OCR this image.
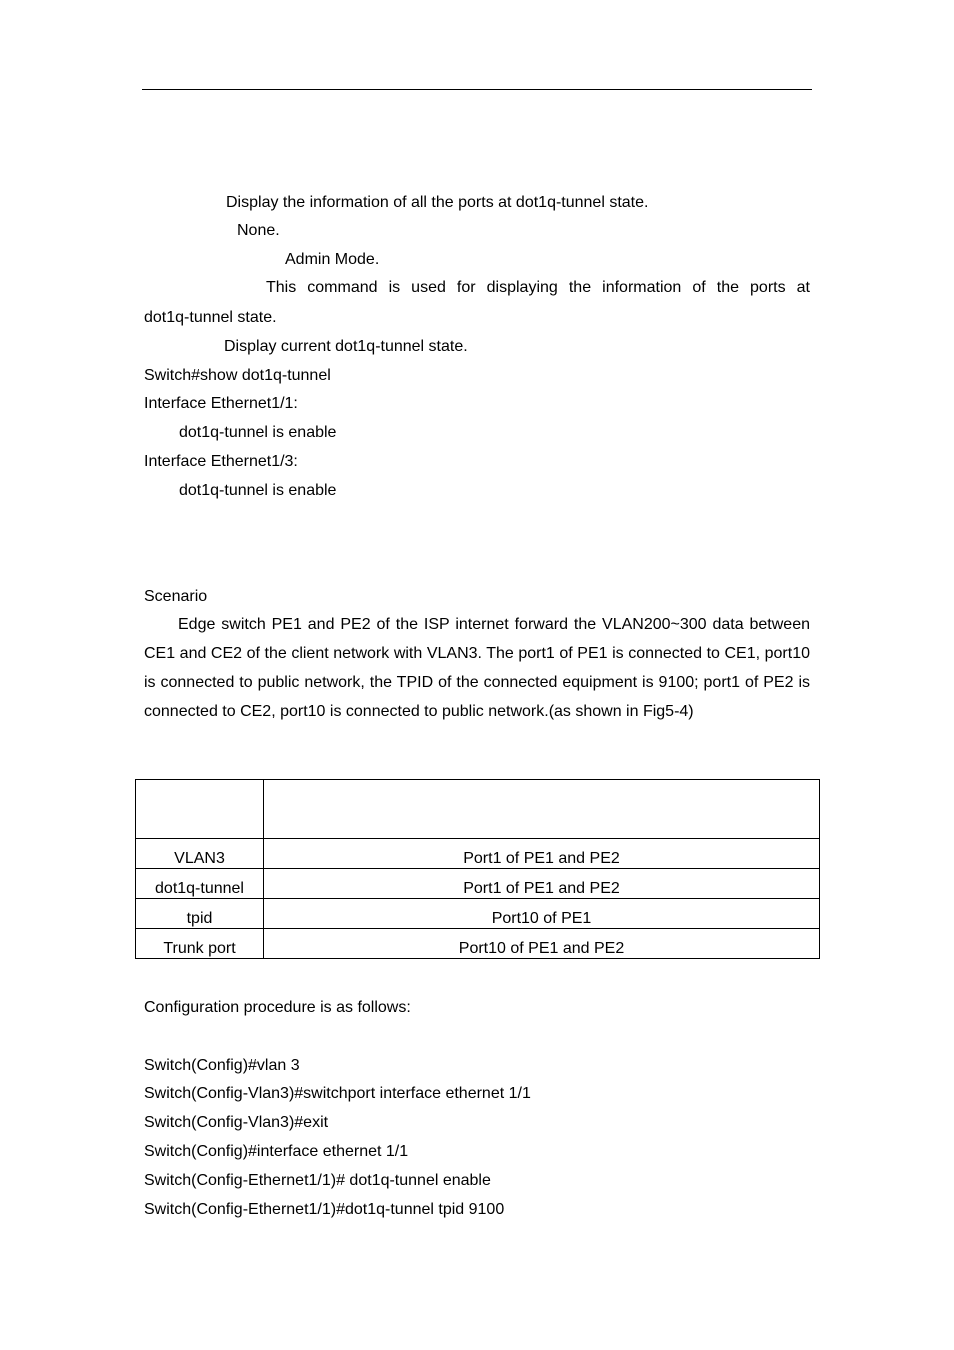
Display the information of all the ports at dot1q-tunnel state.
None.
Admin Mode.
This command is used for displaying the information of the ports at
dot1q-tunnel state.
Display current dot1q-tunnel state.
Switch#show dot1q-tunnel
Interface Ethernet1/1:
dot1q-tunnel is enable
Interface Ethernet1/3:
dot1q-tunnel is enable
Scenario
Edge switch PE1 and PE2 of the ISP internet forward the VLAN200~300 data between CE1 and CE2 of the client network with VLAN3. The port1 of PE1 is connected to CE1, port10 is connected to public network, the TPID of the connected equipment is 9100; port1 of PE2 is connected to CE2, port10 is connected to public network.(as shown in Fig5-4)

VLAN3	Port1 of PE1 and PE2
dot1q-tunnel	Port1 of PE1 and PE2
tpid	Port10 of PE1
Trunk port	Port10 of PE1 and PE2
Configuration procedure is as follows:
Switch(Config)#vlan 3
Switch(Config-Vlan3)#switchport interface ethernet 1/1
Switch(Config-Vlan3)#exit
Switch(Config)#interface ethernet 1/1
Switch(Config-Ethernet1/1)# dot1q-tunnel enable
Switch(Config-Ethernet1/1)#dot1q-tunnel tpid 9100
